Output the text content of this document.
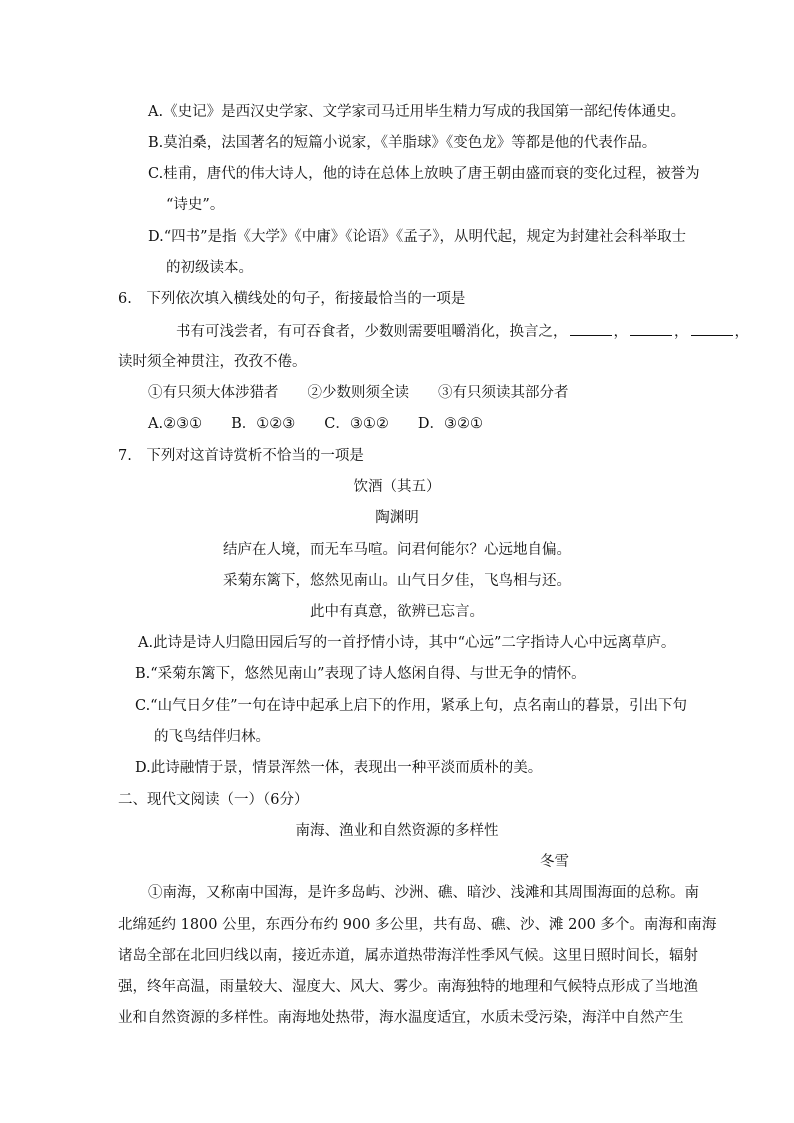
A.《史记》是西汉史学家、文学家司马迁用毕生精力写成的我国第一部纪传体通史。
B.莫泊桑，法国著名的短篇小说家，《羊脂球》《变色龙》等都是他的代表作品。
C.桂甫，唐代的伟大诗人，他的诗在总体上放映了唐王朝由盛而衰的变化过程，被誉为
“诗史”。
D.“四书”是指《大学》《中庸》《论语》《孟子》，从明代起，规定为封建社会科举取士
的初级读本。
6.　下列依次填入横线处的句子，衔接最恰当的一项是
书有可浅尝者，有可吞食者，少数则需要咀嚼消化，换言之，	，	，	，
读时须全神贯注，孜孜不倦。
①有只须大体涉猎者　　②少数则须全读　　③有只须读其部分者
A.②③①　　B．①②③　　C．③①②　　D．③②①
7.　下列对这首诗赏析不恰当的一项是
饮酒（其五）
陶渊明
结庐在人境，而无车马喧。问君何能尔？心远地自偏。
采菊东篱下，悠然见南山。山气日夕佳，飞鸟相与还。
此中有真意，欲辨已忘言。
A.此诗是诗人归隐田园后写的一首抒情小诗，其中“心远”二字指诗人心中远离草庐。
B.“采菊东篱下，悠然见南山”表现了诗人悠闲自得、与世无争的情怀。
C.“山气日夕佳”一句在诗中起承上启下的作用，紧承上句，点名南山的暮景，引出下句
的飞鸟结伴归林。
D.此诗融情于景，情景浑然一体，表现出一种平淡而质朴的美。
二、现代文阅读（一）（6分）
南海、渔业和自然资源的多样性
冬雪
①南海，又称南中国海，是许多岛屿、沙洲、礁、暗沙、浅滩和其周围海面的总称。南
北绵延约 1800 公里，东西分布约 900 多公里，共有岛、礁、沙、滩 200 多个。南海和南海
诸岛全部在北回归线以南，接近赤道，属赤道热带海洋性季风气候。这里日照时间长，辐射
强，终年高温，雨量较大、湿度大、风大、雾少。南海独特的地理和气候特点形成了当地渔
业和自然资源的多样性。南海地处热带，海水温度适宜，水质未受污染，海洋中自然产生
